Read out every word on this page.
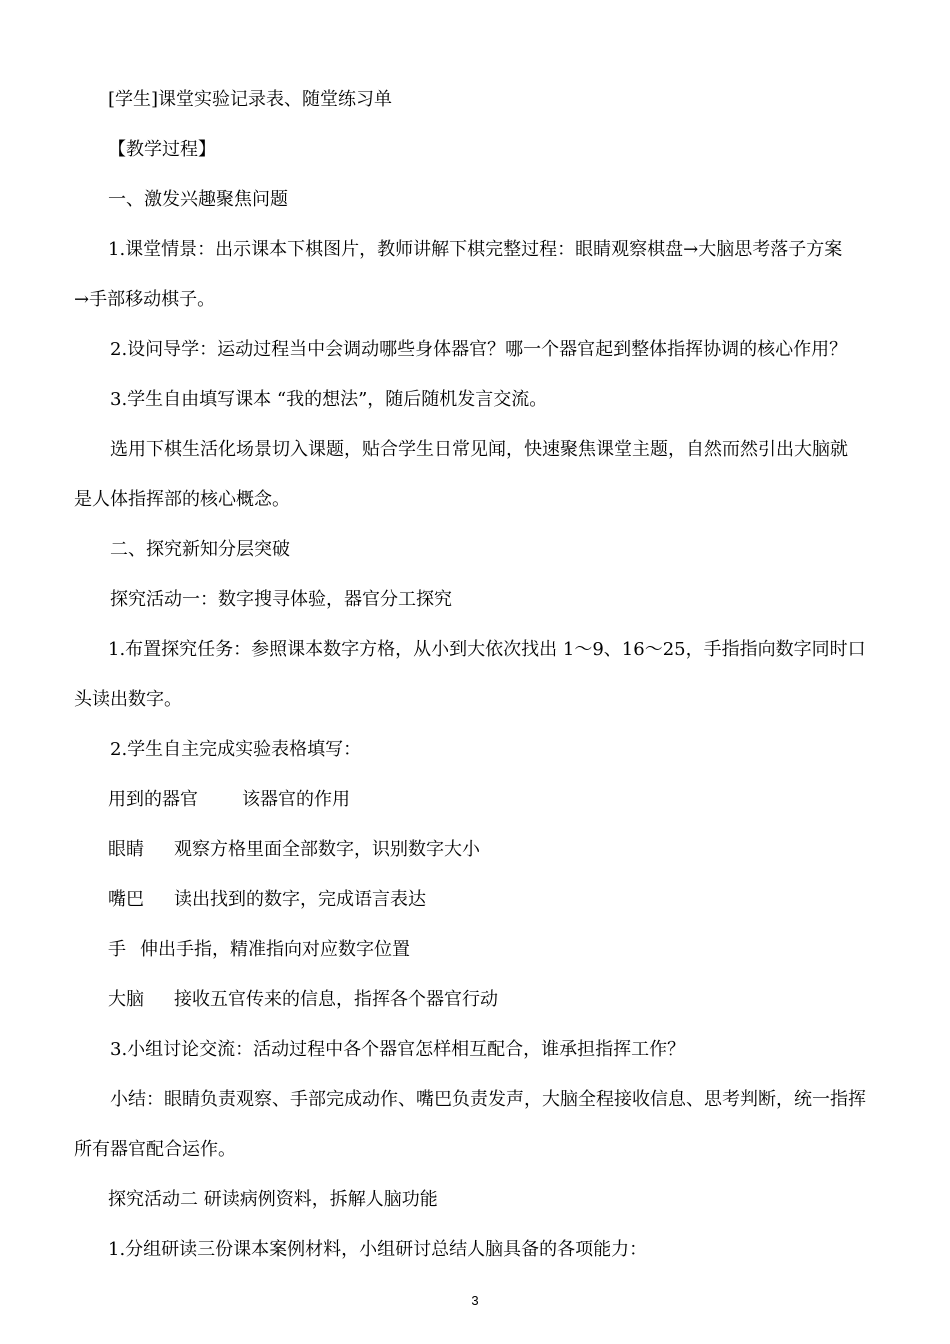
[学生]课堂实验记录表、随堂练习单
【教学过程】
一、激发兴趣聚焦问题
1.课堂情景：出示课本下棋图片，教师讲解下棋完整过程：眼睛观察棋盘→大脑思考落子方案
→手部移动棋子。
2.设问导学：运动过程当中会调动哪些身体器官？哪一个器官起到整体指挥协调的核心作用？
3.学生自由填写课本 “我的想法”，随后随机发言交流。
选用下棋生活化场景切入课题，贴合学生日常见闻，快速聚焦课堂主题，自然而然引出大脑就
是人体指挥部的核心概念。
二、探究新知分层突破
探究活动一：数字搜寻体验，器官分工探究
1.布置探究任务：参照课本数字方格，从小到大依次找出 1～9、16～25，手指指向数字同时口
头读出数字。
2.学生自主完成实验表格填写：
用到的器官 该器官的作用
眼睛 观察方格里面全部数字，识别数字大小
嘴巴 读出找到的数字，完成语言表达
手 伸出手指，精准指向对应数字位置
大脑 接收五官传来的信息，指挥各个器官行动
3.小组讨论交流：活动过程中各个器官怎样相互配合，谁承担指挥工作？
小结：眼睛负责观察、手部完成动作、嘴巴负责发声，大脑全程接收信息、思考判断，统一指挥
所有器官配合运作。
探究活动二 研读病例资料，拆解人脑功能
1.分组研读三份课本案例材料，小组研讨总结人脑具备的各项能力：
3
